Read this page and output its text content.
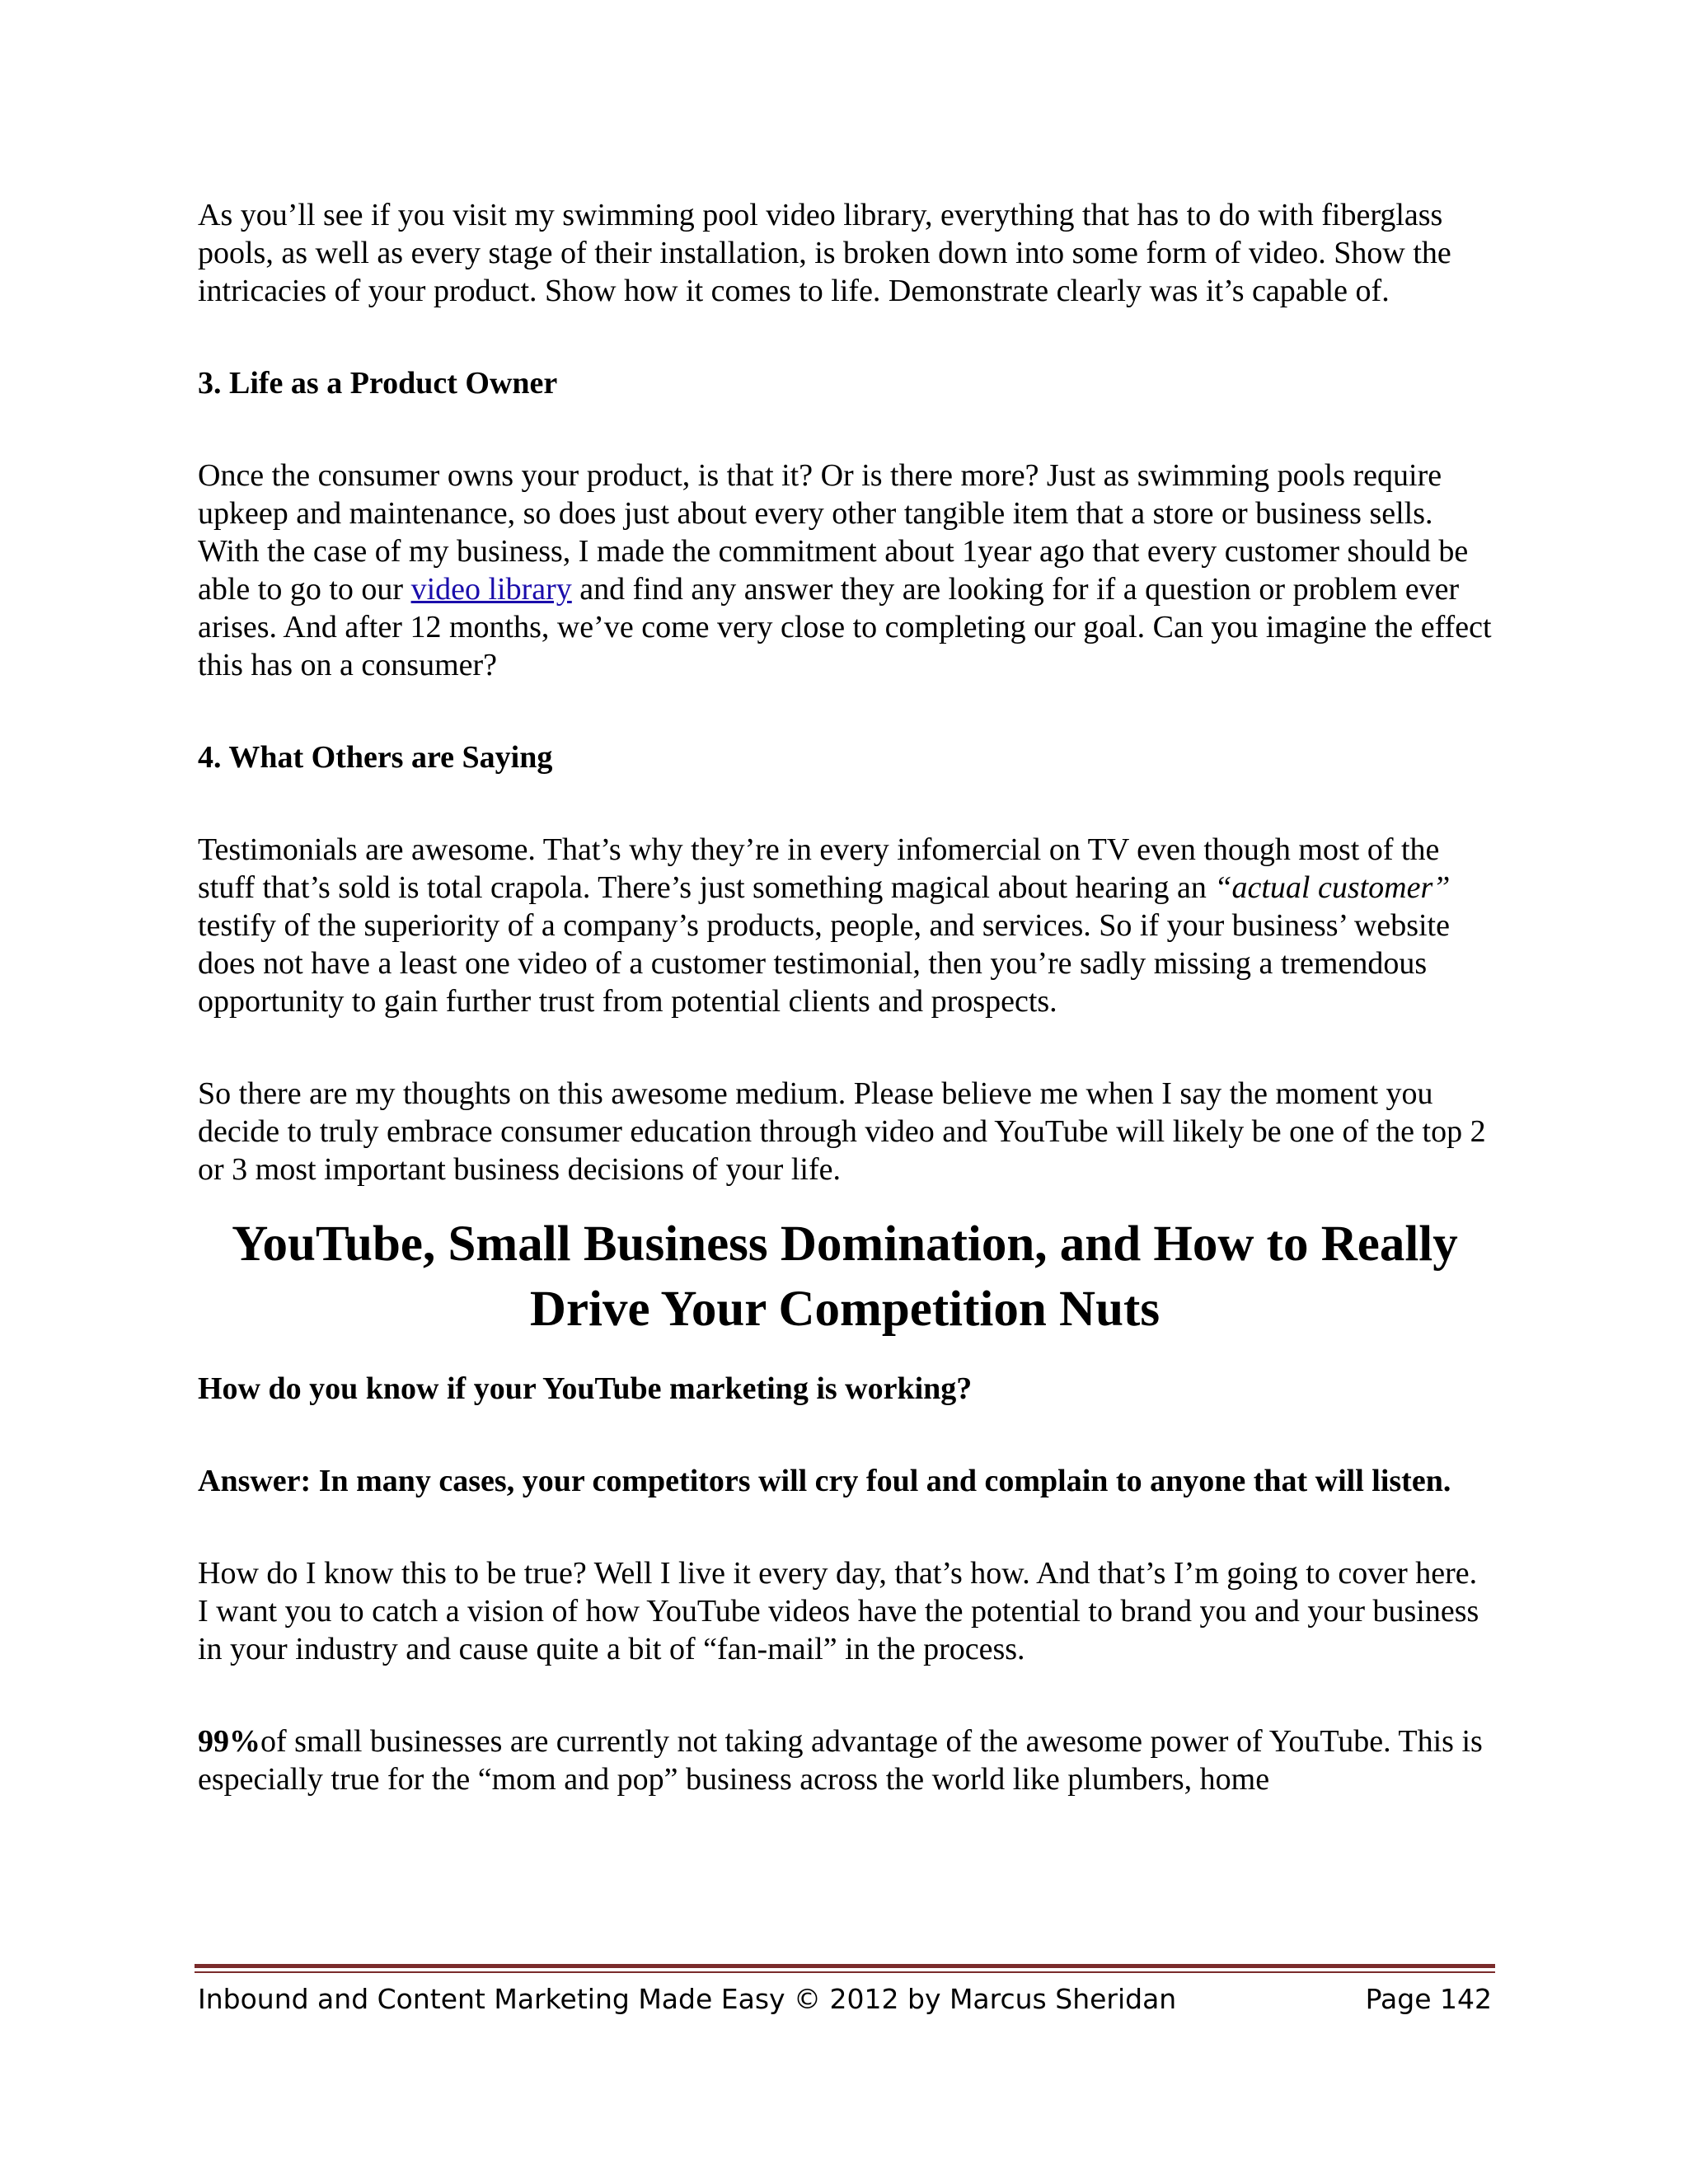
As you’ll see if you visit my swimming pool video library, everything that has to do with fiberglass pools, as well as every stage of their installation, is broken down into some form of video. Show the intricacies of your product. Show how it comes to life. Demonstrate clearly was it’s capable of.

3. Life as a Product Owner

Once the consumer owns your product, is that it? Or is there more? Just as swimming pools require upkeep and maintenance, so does just about every other tangible item that a store or business sells. With the case of my business, I made the commitment about 1year ago that every customer should be able to go to our video library and find any answer they are looking for if a question or problem ever arises. And after 12 months, we’ve come very close to completing our goal. Can you imagine the effect this has on a consumer?

4. What Others are Saying

Testimonials are awesome. That’s why they’re in every infomercial on TV even though most of the stuff that’s sold is total crapola. There’s just something magical about hearing an “actual customer” testify of the superiority of a company’s products, people, and services. So if your business’ website does not have a least one video of a customer testimonial, then you’re sadly missing a tremendous opportunity to gain further trust from potential clients and prospects.

So there are my thoughts on this awesome medium. Please believe me when I say the moment you decide to truly embrace consumer education through video and YouTube will likely be one of the top 2 or 3 most important business decisions of your life.

YouTube, Small Business Domination, and How to Really Drive Your Competition Nuts

How do you know if your YouTube marketing is working?

Answer: In many cases, your competitors will cry foul and complain to anyone that will listen.

How do I know this to be true? Well I live it every day, that’s how. And that’s I’m going to cover here. I want you to catch a vision of how YouTube videos have the potential to brand you and your business in your industry and cause quite a bit of “fan-mail” in the process.

99%of small businesses are currently not taking advantage of the awesome power of YouTube. This is especially true for the “mom and pop” business across the world like plumbers, home

Inbound and Content Marketing Made Easy © 2012 by Marcus Sheridan	Page 142
